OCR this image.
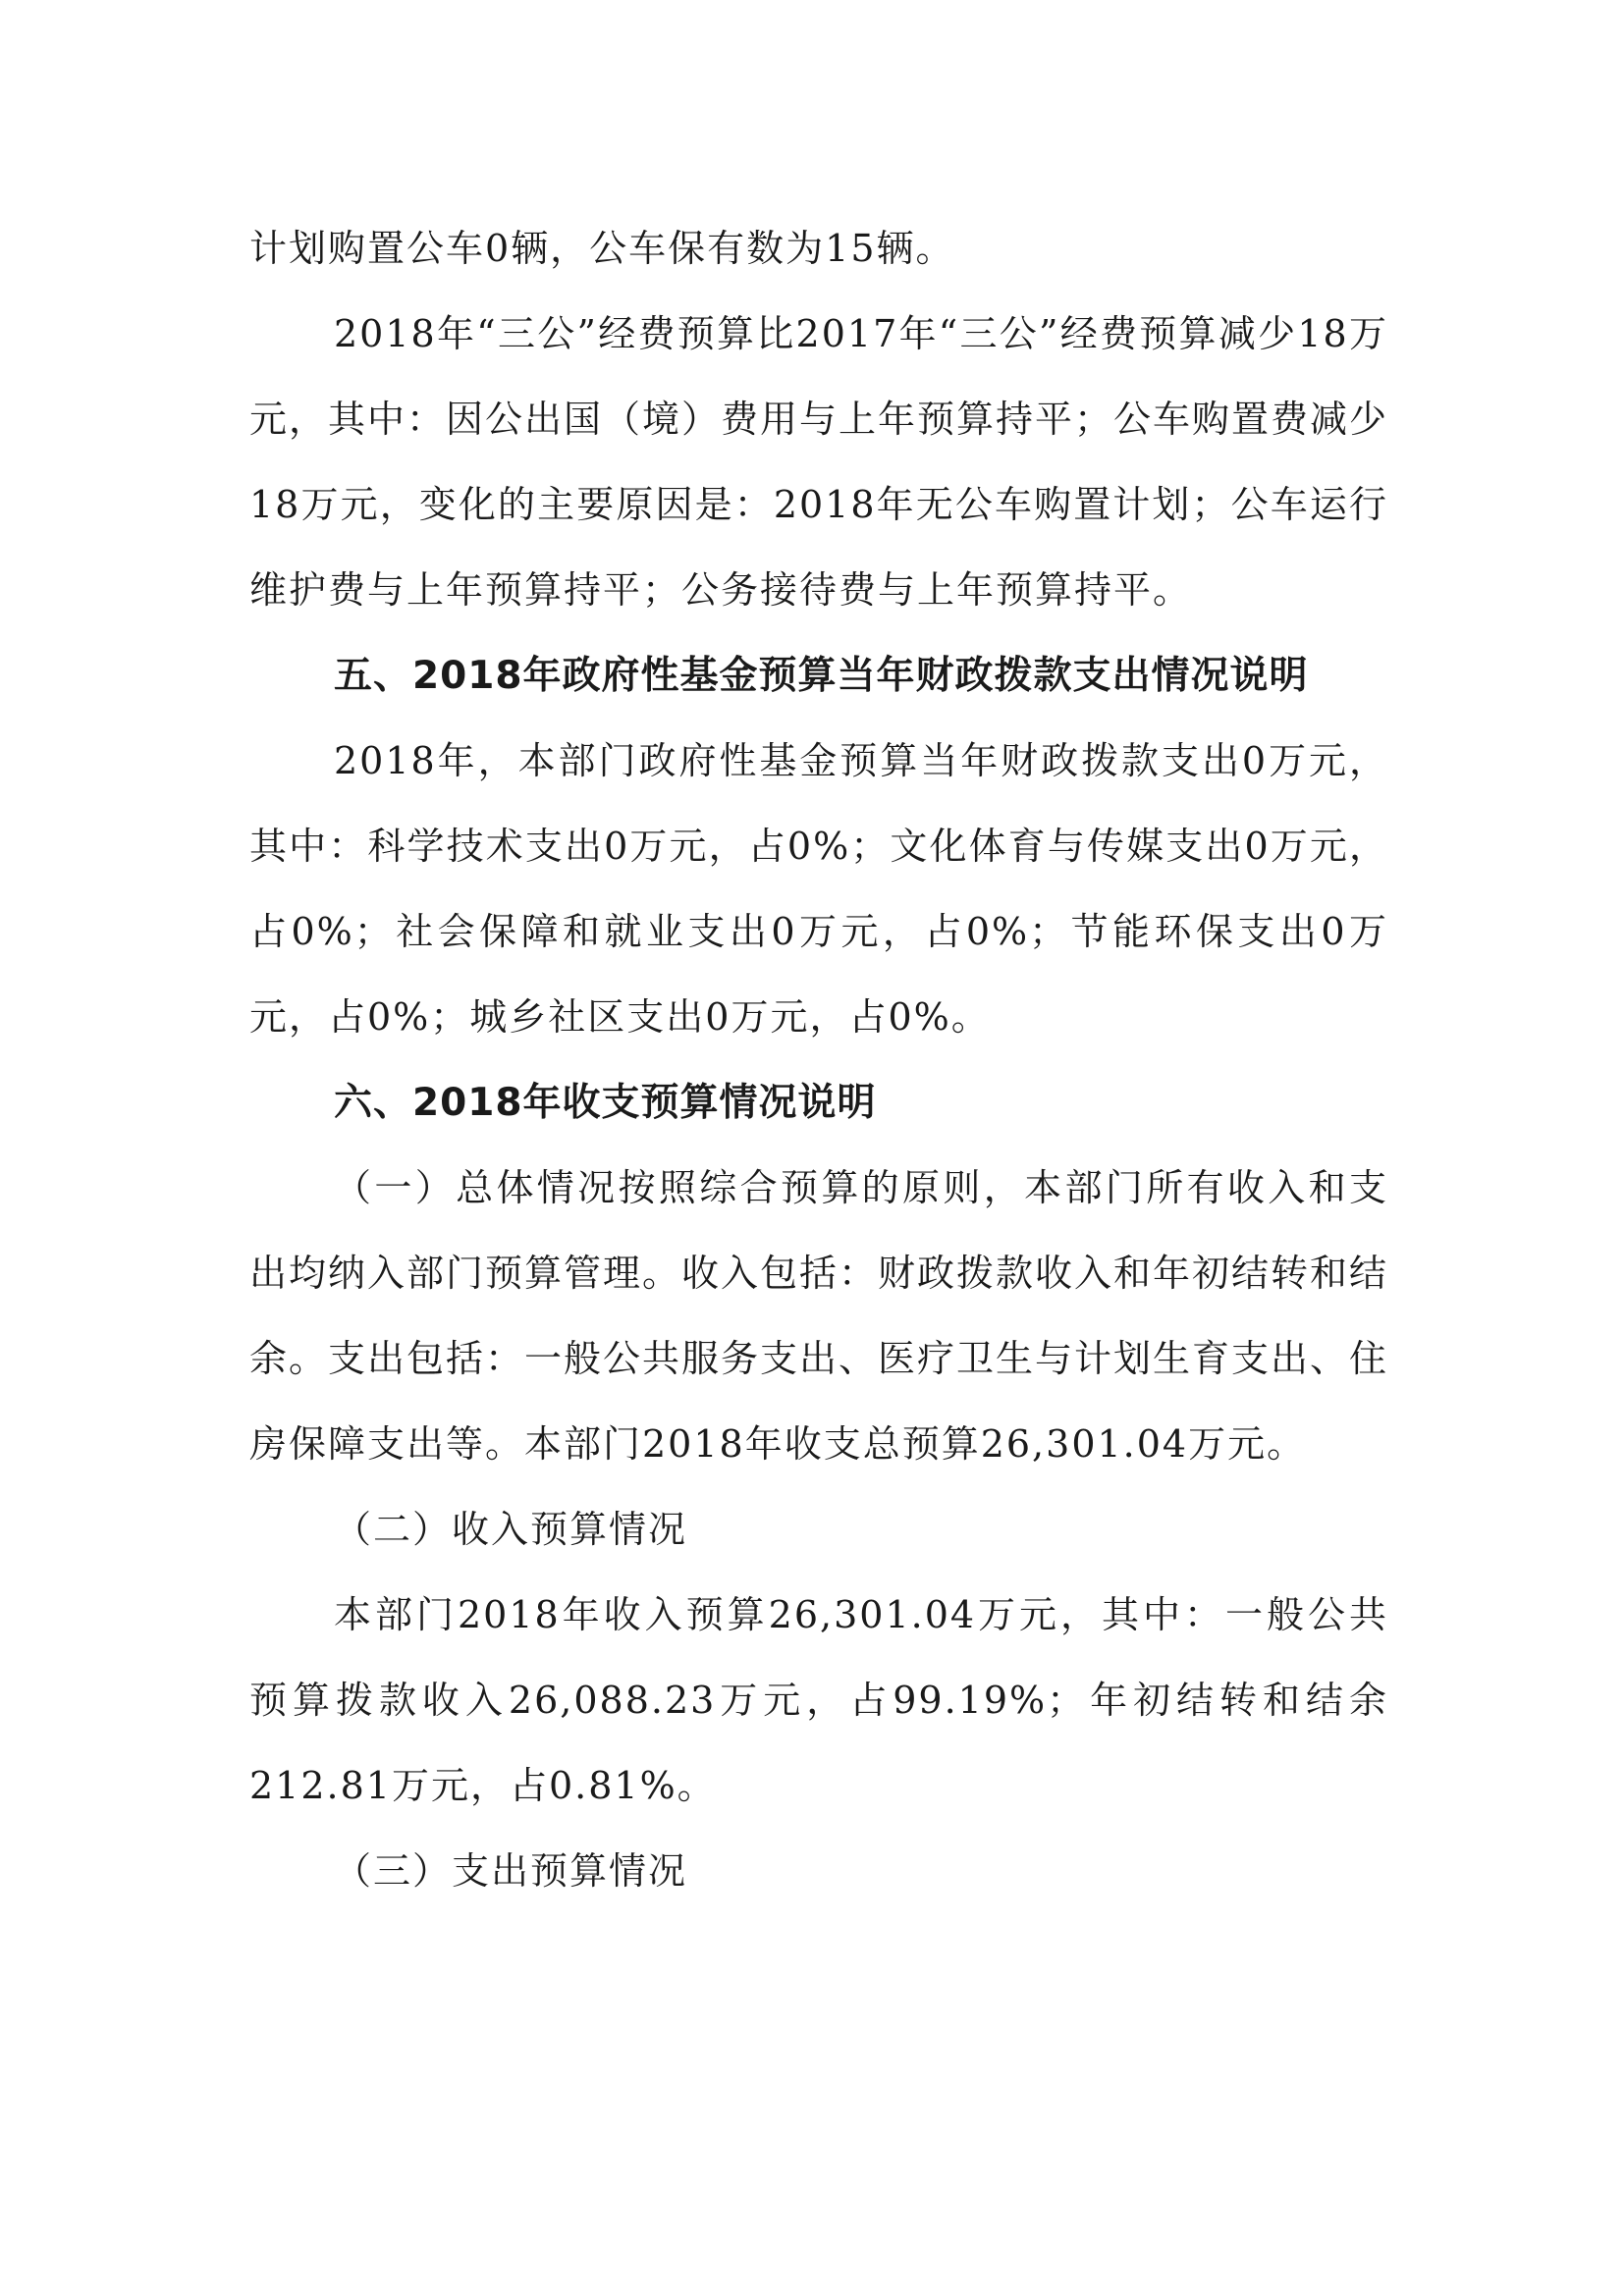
计划购置公车0辆，公车保有数为15辆。

2018年“三公”经费预算比2017年“三公”经费预算减少18万元，其中：因公出国（境）费用与上年预算持平；公车购置费减少18万元，变化的主要原因是：2018年无公车购置计划；公车运行维护费与上年预算持平；公务接待费与上年预算持平。

五、2018年政府性基金预算当年财政拨款支出情况说明

2018年，本部门政府性基金预算当年财政拨款支出0万元，其中：科学技术支出0万元，占0%；文化体育与传媒支出0万元，占0%；社会保障和就业支出0万元，占0%；节能环保支出0万元，占0%；城乡社区支出0万元，占0%。

六、2018年收支预算情况说明

（一）总体情况按照综合预算的原则，本部门所有收入和支出均纳入部门预算管理。收入包括：财政拨款收入和年初结转和结余。支出包括：一般公共服务支出、医疗卫生与计划生育支出、住房保障支出等。本部门2018年收支总预算26,301.04万元。

（二）收入预算情况

本部门2018年收入预算26,301.04万元，其中：一般公共预算拨款收入26,088.23万元，占99.19%；年初结转和结余212.81万元，占0.81%。

（三）支出预算情况
